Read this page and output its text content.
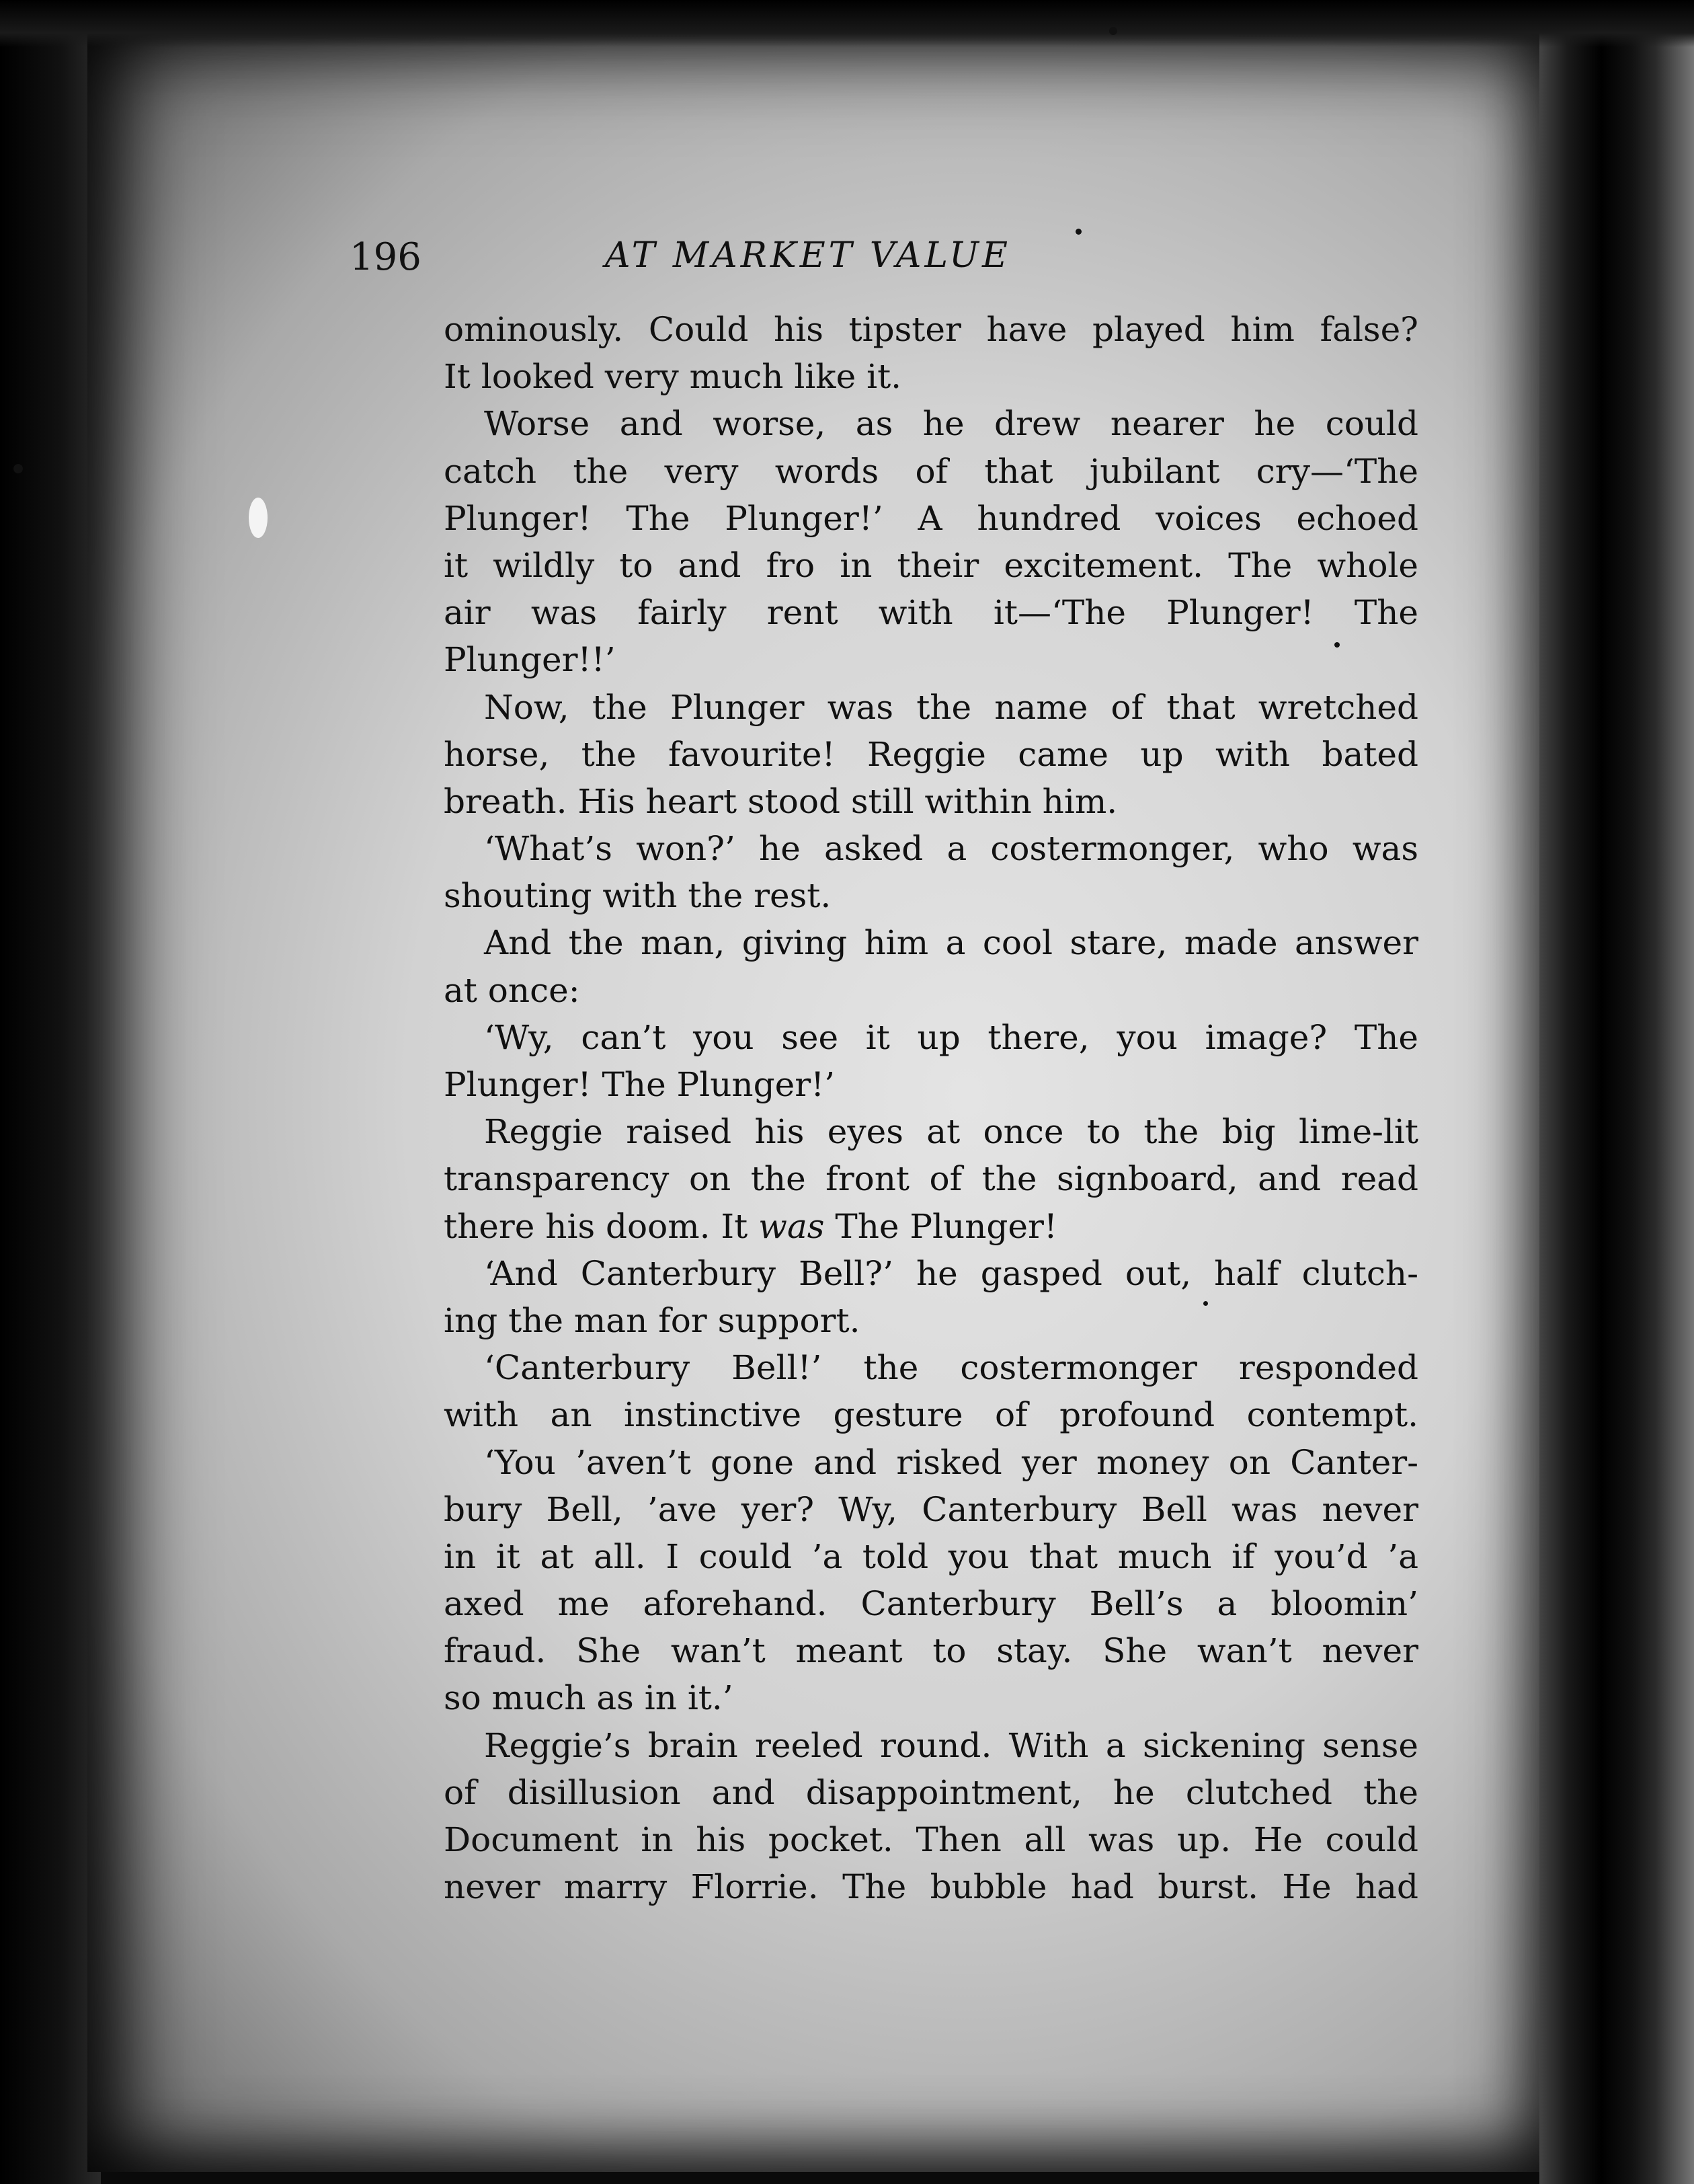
196	AT MARKET VALUE
ominously. Could his tipster have played him false?
It looked very much like it.
Worse and worse, as he drew nearer he could
catch the very words of that jubilant cry—‘The
Plunger! The Plunger!’ A hundred voices echoed
it wildly to and fro in their excitement. The whole
air was fairly rent with it—‘The Plunger! The
Plunger!!’
Now, the Plunger was the name of that wretched
horse, the favourite! Reggie came up with bated
breath. His heart stood still within him.
‘What’s won?’ he asked a costermonger, who was
shouting with the rest.
And the man, giving him a cool stare, made answer
at once:
‘Wy, can’t you see it up there, you image? The
Plunger! The Plunger!’
Reggie raised his eyes at once to the big lime-lit
transparency on the front of the signboard, and read
there his doom. It was The Plunger!
‘And Canterbury Bell?’ he gasped out, half clutch-
ing the man for support.
‘Canterbury Bell!’ the costermonger responded
with an instinctive gesture of profound contempt.
‘You ’aven’t gone and risked yer money on Canter-
bury Bell, ’ave yer? Wy, Canterbury Bell was never
in it at all. I could ’a told you that much if you’d ’a
axed me aforehand. Canterbury Bell’s a bloomin’
fraud. She wan’t meant to stay. She wan’t never
so much as in it.’
Reggie’s brain reeled round. With a sickening sense
of disillusion and disappointment, he clutched the
Document in his pocket. Then all was up. He could
never marry Florrie. The bubble had burst. He had
